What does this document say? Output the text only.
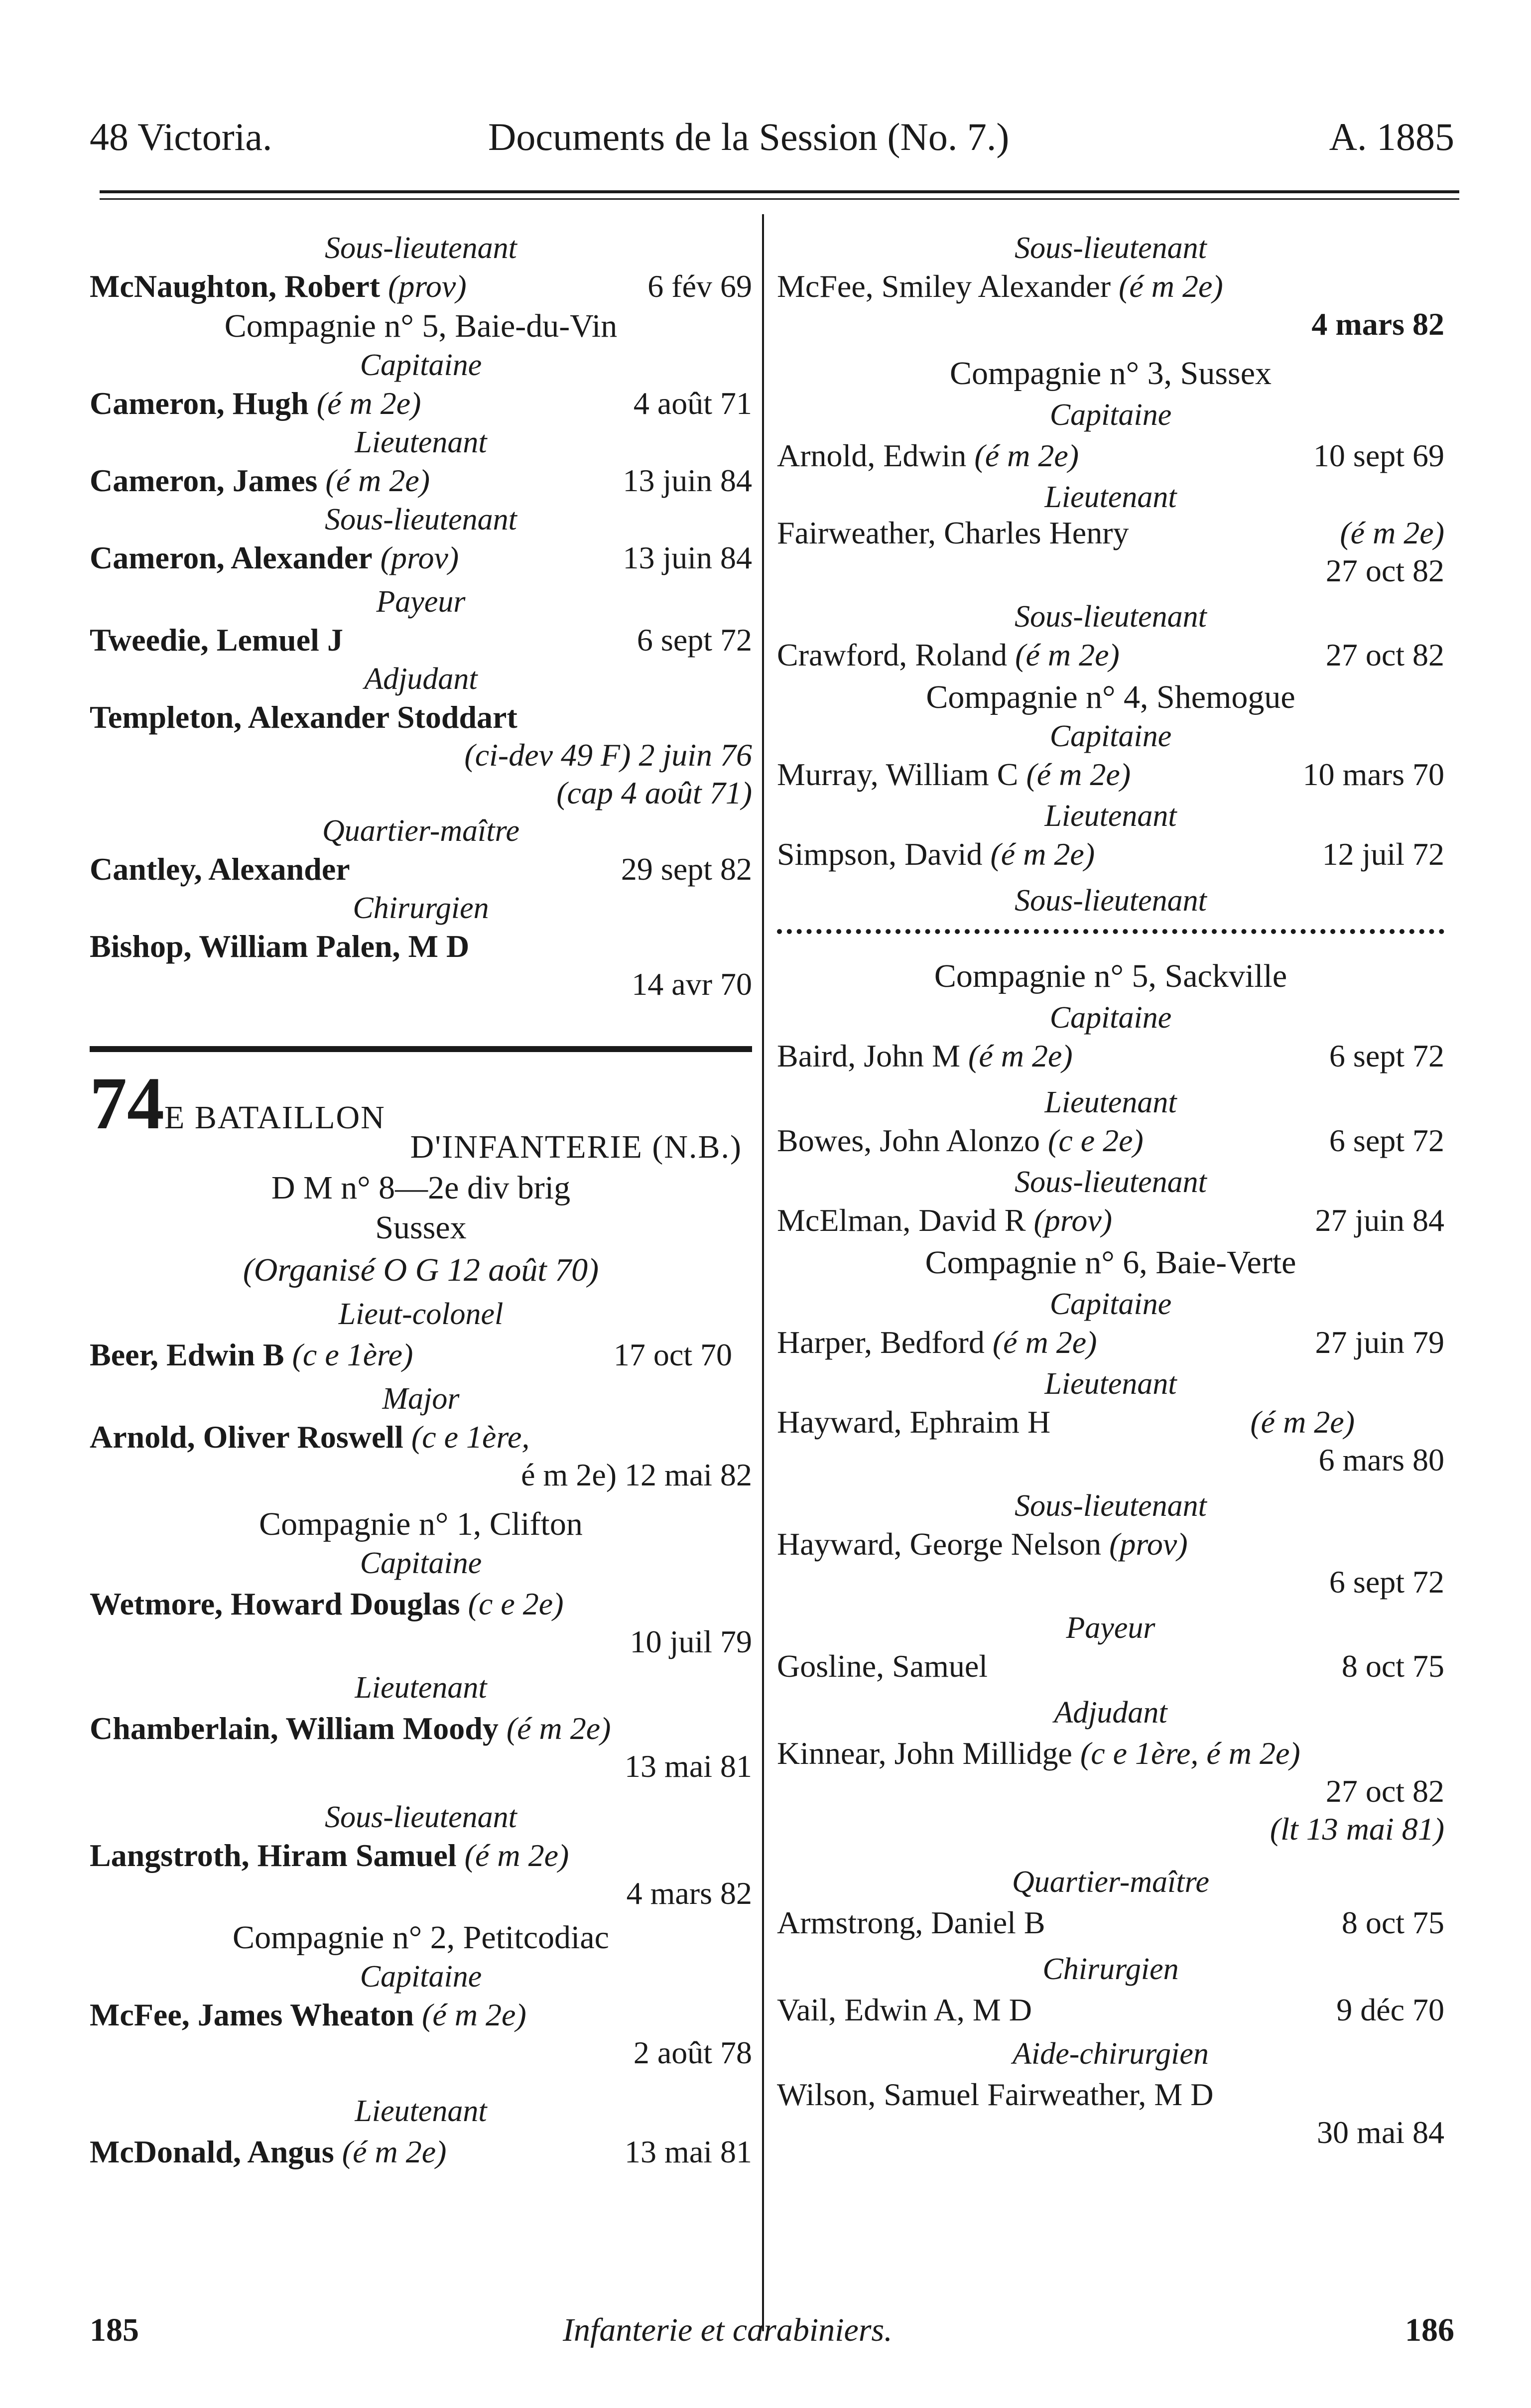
48 Victoria.	Documents de la Session (No. 7.)	A. 1885
Sous-lieutenant
McNaughton, Robert (prov)	6 fév 69
Compagnie n° 5, Baie-du-Vin
Capitaine
Cameron, Hugh (é m 2e)	4 août 71
Lieutenant
Cameron, James (é m 2e)	13 juin 84
Sous-lieutenant
Cameron, Alexander (prov)	13 juin 84
Payeur
Tweedie, Lemuel J	6 sept 72
Adjudant
Templeton, Alexander Stoddart
(ci-dev 49 F) 2 juin 76
(cap 4 août 71)
Quartier-maître
Cantley, Alexander	29 sept 82
Chirurgien
Bishop, William Palen, M D
14 avr 70
74E BATAILLON
D'INFANTERIE (N.B.)
D M n° 8—2e div brig
Sussex
(Organisé O G 12 août 70)
Lieut-colonel
Beer, Edwin B (c e 1ère)	17 oct 70
Major
Arnold, Oliver Roswell (c e 1ère,
é m 2e) 12 mai 82
Compagnie n° 1, Clifton
Capitaine
Wetmore, Howard Douglas (c e 2e)
10 juil 79
Lieutenant
Chamberlain, William Moody (é m 2e)
13 mai 81
Sous-lieutenant
Langstroth, Hiram Samuel (é m 2e)
4 mars 82
Compagnie n° 2, Petitcodiac
Capitaine
McFee, James Wheaton (é m 2e)
2 août 78
Lieutenant
McDonald, Angus (é m 2e)	13 mai 81
Sous-lieutenant
McFee, Smiley Alexander (é m 2e)
4 mars 82
Compagnie n° 3, Sussex
Capitaine
Arnold, Edwin (é m 2e)	10 sept 69
Lieutenant
Fairweather, Charles Henry	(é m 2e)
27 oct 82
Sous-lieutenant
Crawford, Roland (é m 2e)	27 oct 82
Compagnie n° 4, Shemogue
Capitaine
Murray, William C (é m 2e)	10 mars 70
Lieutenant
Simpson, David (é m 2e)	12 juil 72
Sous-lieutenant
Compagnie n° 5, Sackville
Capitaine
Baird, John M (é m 2e)	6 sept 72
Lieutenant
Bowes, John Alonzo (c e 2e)	6 sept 72
Sous-lieutenant
McElman, David R (prov)	27 juin 84
Compagnie n° 6, Baie-Verte
Capitaine
Harper, Bedford (é m 2e)	27 juin 79
Lieutenant
Hayward, Ephraim H	(é m 2e)
6 mars 80
Sous-lieutenant
Hayward, George Nelson (prov)
6 sept 72
Payeur
Gosline, Samuel	8 oct 75
Adjudant
Kinnear, John Millidge (c e 1ère, é m 2e)
27 oct 82
(lt 13 mai 81)
Quartier-maître
Armstrong, Daniel B	8 oct 75
Chirurgien
Vail, Edwin A, M D	9 déc 70
Aide-chirurgien
Wilson, Samuel Fairweather, M D
30 mai 84
185	Infanterie et carabiniers.	186
